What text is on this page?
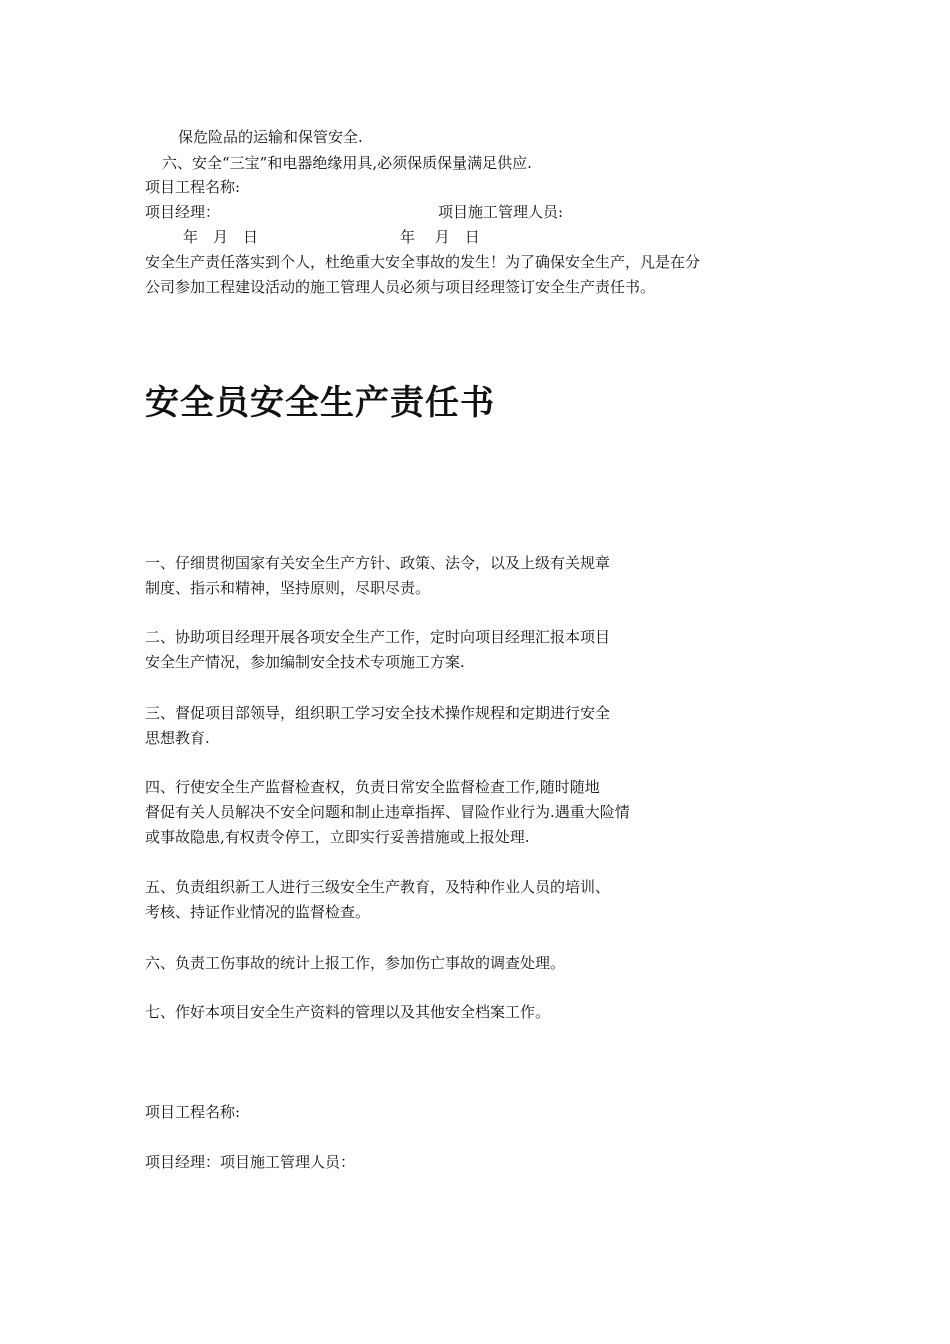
保危险品的运输和保管安全.
六、安全“三宝”和电器绝缘用具,必须保质保量满足供应.
项目工程名称:
项目经理：	项目施工管理人员:
年　月　日	年　 月　日
安全生产责任落实到个人，杜绝重大安全事故的发生！为了确保安全生产，凡是在分
公司参加工程建设活动的施工管理人员必须与项目经理签订安全生产责任书。
安全员安全生产责任书
一、仔细贯彻国家有关安全生产方针、政策、法令，以及上级有关规章
制度、指示和精神，坚持原则，尽职尽责。
二、协助项目经理开展各项安全生产工作，定时向项目经理汇报本项目
安全生产情况，参加编制安全技术专项施工方案.
三、督促项目部领导，组织职工学习安全技术操作规程和定期进行安全
思想教育.
四、行使安全生产监督检查权，负责日常安全监督检查工作,随时随地
督促有关人员解决不安全问题和制止违章指挥、冒险作业行为.遇重大险情
或事故隐患,有权责令停工，立即实行妥善措施或上报处理.
五、负责组织新工人进行三级安全生产教育，及特种作业人员的培训、
考核、持证作业情况的监督检查。
六、负责工伤事故的统计上报工作，参加伤亡事故的调查处理。
七、作好本项目安全生产资料的管理以及其他安全档案工作。
项目工程名称:
项目经理：项目施工管理人员：
